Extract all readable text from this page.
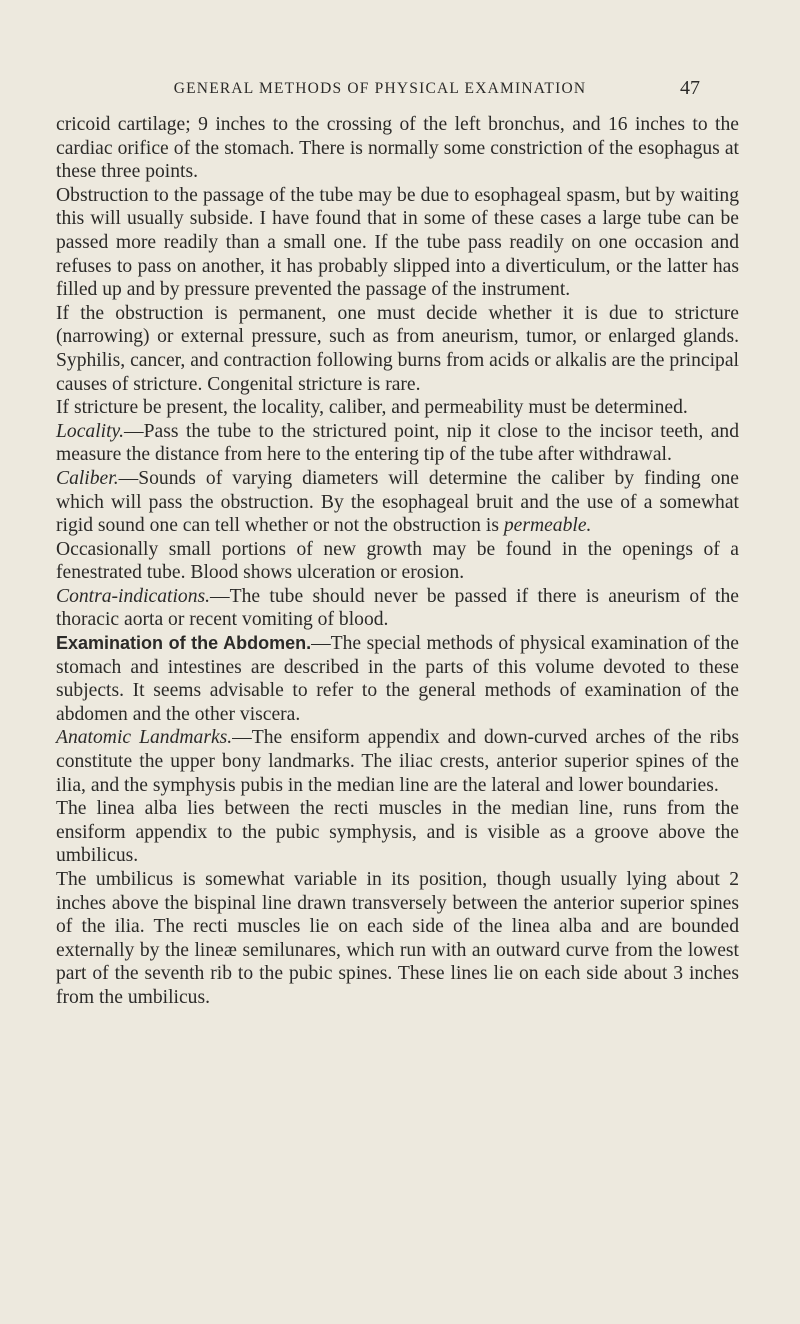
GENERAL METHODS OF PHYSICAL EXAMINATION	47

cricoid cartilage; 9 inches to the crossing of the left bronchus, and 16 inches to the cardiac orifice of the stomach. There is normally some constriction of the esophagus at these three points.

Obstruction to the passage of the tube may be due to esophageal spasm, but by waiting this will usually subside. I have found that in some of these cases a large tube can be passed more readily than a small one. If the tube pass readily on one occasion and refuses to pass on another, it has probably slipped into a diverticulum, or the latter has filled up and by pressure prevented the passage of the instrument.

If the obstruction is permanent, one must decide whether it is due to stricture (narrowing) or external pressure, such as from aneurism, tumor, or enlarged glands. Syphilis, cancer, and contraction following burns from acids or alkalis are the principal causes of stricture. Congenital stricture is rare.

If stricture be present, the locality, caliber, and permeability must be determined.

Locality.—Pass the tube to the strictured point, nip it close to the incisor teeth, and measure the distance from here to the entering tip of the tube after withdrawal.

Caliber.—Sounds of varying diameters will determine the caliber by finding one which will pass the obstruction. By the esophageal bruit and the use of a somewhat rigid sound one can tell whether or not the obstruction is permeable.

Occasionally small portions of new growth may be found in the openings of a fenestrated tube. Blood shows ulceration or erosion.

Contra-indications.—The tube should never be passed if there is aneurism of the thoracic aorta or recent vomiting of blood.

Examination of the Abdomen.—The special methods of physical examination of the stomach and intestines are described in the parts of this volume devoted to these subjects. It seems advisable to refer to the general methods of examination of the abdomen and the other viscera.

Anatomic Landmarks.—The ensiform appendix and down-curved arches of the ribs constitute the upper bony landmarks. The iliac crests, anterior superior spines of the ilia, and the symphysis pubis in the median line are the lateral and lower boundaries.

The linea alba lies between the recti muscles in the median line, runs from the ensiform appendix to the pubic symphysis, and is visible as a groove above the umbilicus.

The umbilicus is somewhat variable in its position, though usually lying about 2 inches above the bispinal line drawn transversely between the anterior superior spines of the ilia. The recti muscles lie on each side of the linea alba and are bounded externally by the lineæ semilunares, which run with an outward curve from the lowest part of the seventh rib to the pubic spines. These lines lie on each side about 3 inches from the umbilicus.
